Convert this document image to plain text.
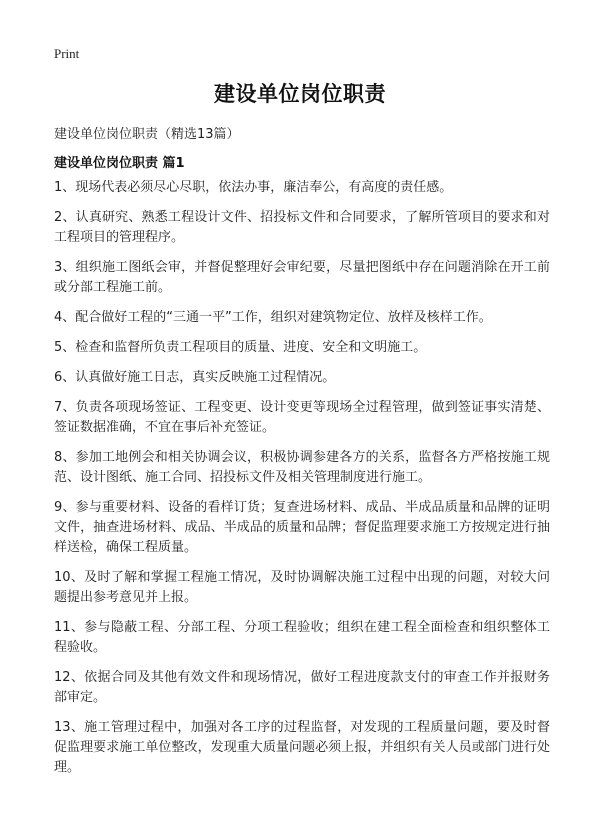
Print
建设单位岗位职责
建设单位岗位职责（精选13篇）
建设单位岗位职责 篇1
1、现场代表必须尽心尽职，依法办事，廉洁奉公，有高度的责任感。
2、认真研究、熟悉工程设计文件、招投标文件和合同要求，了解所管项目的要求和对工程项目的管理程序。
3、组织施工图纸会审，并督促整理好会审纪要，尽量把图纸中存在问题消除在开工前或分部工程施工前。
4、配合做好工程的“三通一平”工作，组织对建筑物定位、放样及核样工作。
5、检查和监督所负责工程项目的质量、进度、安全和文明施工。
6、认真做好施工日志，真实反映施工过程情况。
7、负责各项现场签证、工程变更、设计变更等现场全过程管理，做到签证事实清楚、签证数据准确，不宜在事后补充签证。
8、参加工地例会和相关协调会议，积极协调参建各方的关系，监督各方严格按施工规范、设计图纸、施工合同、招投标文件及相关管理制度进行施工。
9、参与重要材料、设备的看样订货；复查进场材料、成品、半成品质量和品牌的证明文件，抽查进场材料、成品、半成品的质量和品牌；督促监理要求施工方按规定进行抽样送检，确保工程质量。
10、及时了解和掌握工程施工情况，及时协调解决施工过程中出现的问题，对较大问题提出参考意见并上报。
11、参与隐蔽工程、分部工程、分项工程验收；组织在建工程全面检查和组织整体工程验收。
12、依据合同及其他有效文件和现场情况，做好工程进度款支付的审查工作并报财务部审定。
13、施工管理过程中，加强对各工序的过程监督，对发现的工程质量问题，要及时督促监理要求施工单位整改，发现重大质量问题必须上报，并组织有关人员或部门进行处理。
